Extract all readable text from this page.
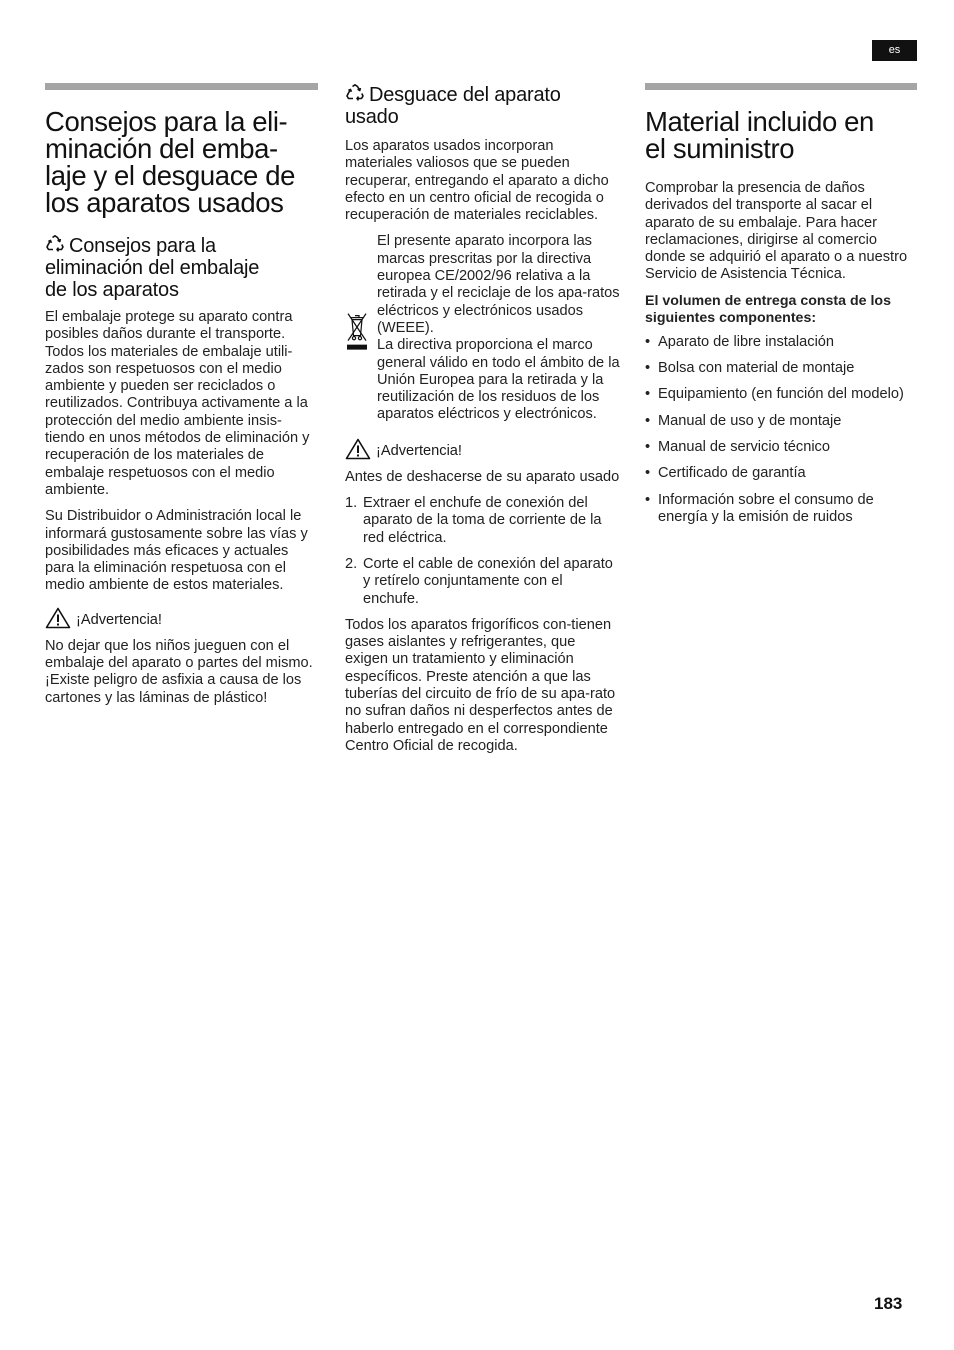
es
Consejos para la eli-
minación del emba-
laje y el desguace de
los aparatos usados
Consejos para la
eliminación del embalaje
de los aparatos

El embalaje protege su aparato contra posibles daños durante el transporte. Todos los materiales de embalaje utili-zados son respetuosos con el medio ambiente y pueden ser reciclados o reutilizados. Contribuya activamente a la protección del medio ambiente insis-tiendo en unos métodos de eliminación y recuperación de los materiales de embalaje respetuosos con el medio ambiente.

Su Distribuidor o Administración local le informará gustosamente sobre las vías y posibilidades más eficaces y actuales para la eliminación respetuosa con el medio ambiente de estos materiales.

¡Advertencia!

No dejar que los niños jueguen con el embalaje del aparato o partes del mismo. ¡Existe peligro de asfixia a causa de los cartones y las láminas de plástico!

Desguace del aparato
usado

Los aparatos usados incorporan materiales valiosos que se pueden recuperar, entregando el aparato a dicho efecto en un centro oficial de recogida o recuperación de materiales reciclables.

El presente aparato incorpora las marcas prescritas por la directiva europea CE/2002/96 relativa a la retirada y el reciclaje de los apa-ratos eléctricos y electrónicos usados (WEEE).

La directiva proporciona el marco general válido en todo el ámbito de la Unión Europea para la retirada y la reutilización de los residuos de los aparatos eléctricos y electrónicos.

¡Advertencia!

Antes de deshacerse de su aparato usado

1. Extraer el enchufe de conexión del aparato de la toma de corriente de la red eléctrica.
2. Corte el cable de conexión del aparato y retírelo conjuntamente con el enchufe.

Todos los aparatos frigoríficos con-tienen gases aislantes y refrigerantes, que exigen un tratamiento y eliminación específicos. Preste atención a que las tuberías del circuito de frío de su apa-rato no sufran daños ni desperfectos antes de haberlo entregado en el correspondiente Centro Oficial de recogida.

Material incluido en
el suministro

Comprobar la presencia de daños derivados del transporte al sacar el aparato de su embalaje. Para hacer reclamaciones, dirigirse al comercio donde se adquirió el aparato o a nuestro Servicio de Asistencia Técnica.

El volumen de entrega consta de los siguientes componentes:

• Aparato de libre instalación
• Bolsa con material de montaje
• Equipamiento (en función del modelo)
• Manual de uso y de montaje
• Manual de servicio técnico
• Certificado de garantía
• Información sobre el consumo de energía y la emisión de ruidos
183
